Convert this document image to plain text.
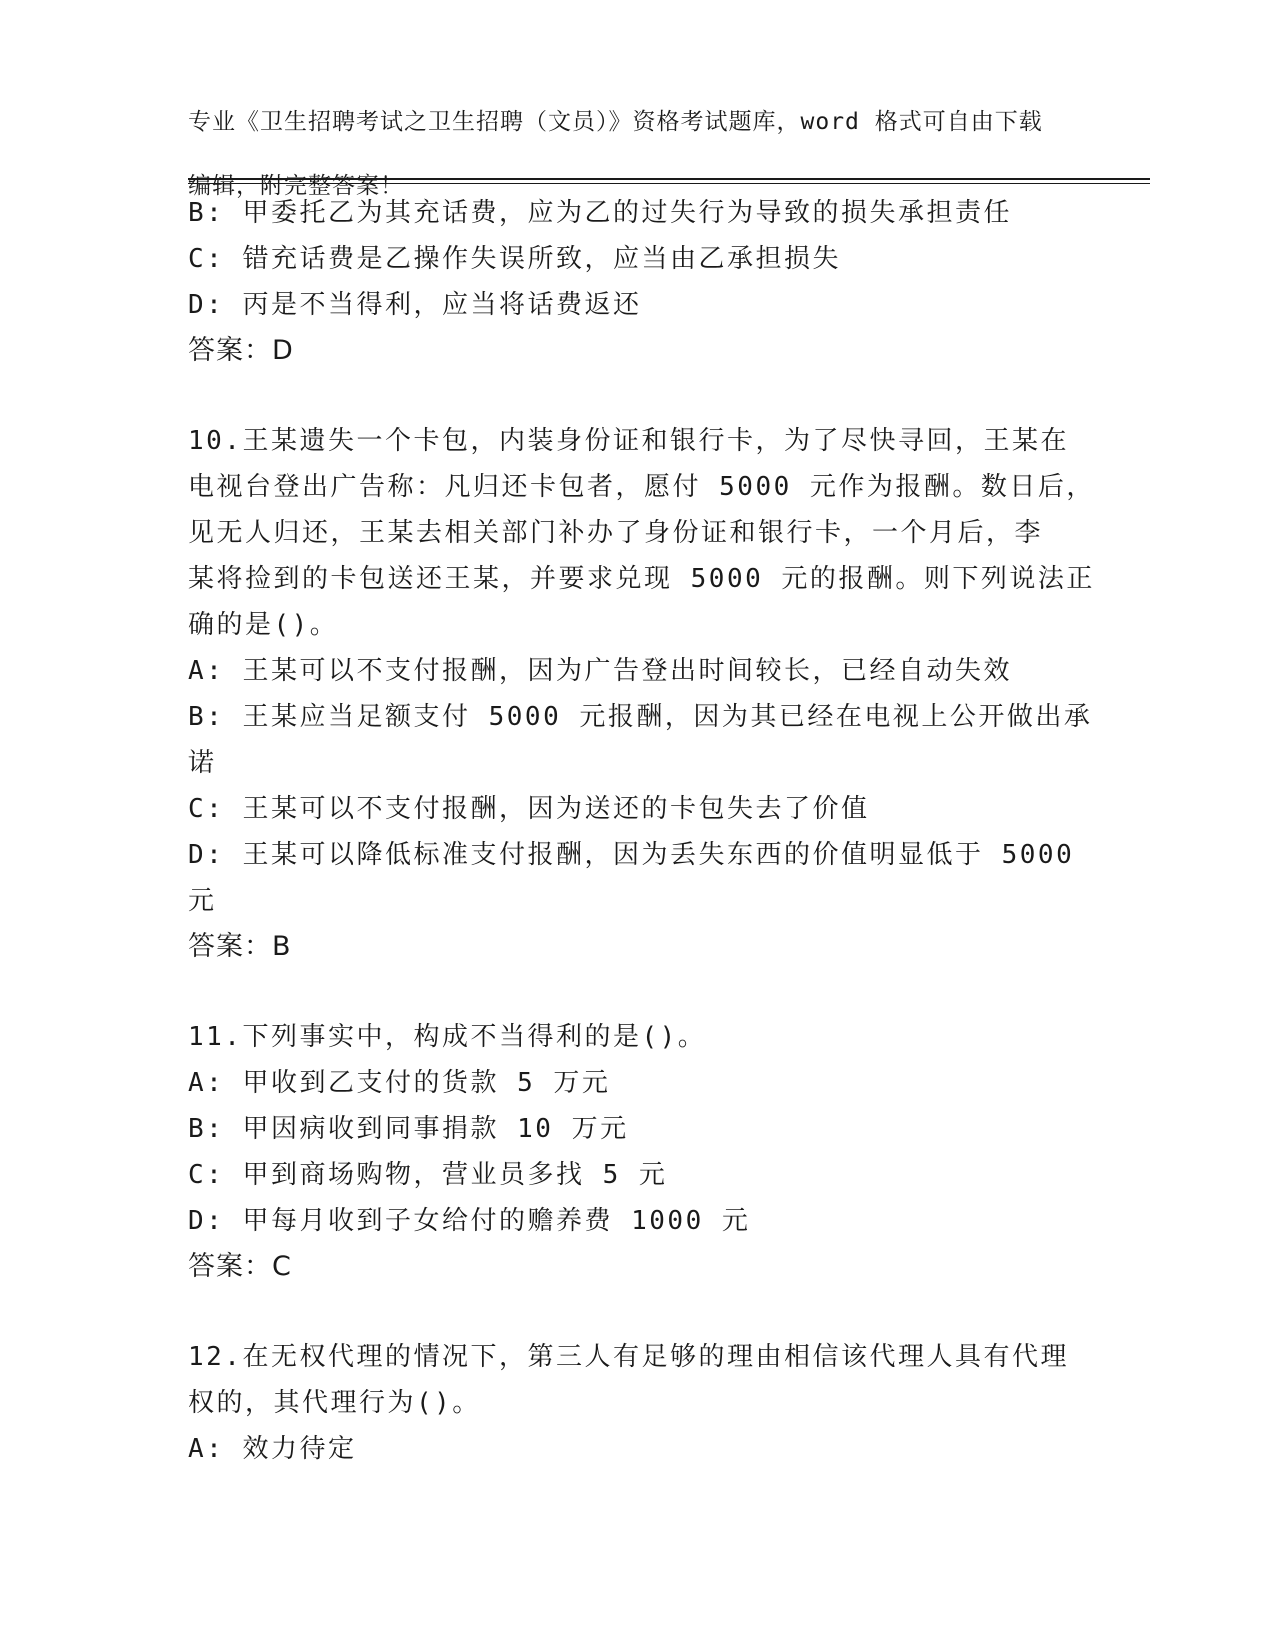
专业《卫生招聘考试之卫生招聘（文员）》资格考试题库，word 格式可自由下载

编辑，附完整答案！

B: 甲委托乙为其充话费，应为乙的过失行为导致的损失承担责任
C: 错充话费是乙操作失误所致，应当由乙承担损失
D: 丙是不当得利，应当将话费返还
答案：D
10.王某遗失一个卡包，内装身份证和银行卡，为了尽快寻回，王某在
电视台登出广告称：凡归还卡包者，愿付 5000 元作为报酬。数日后，
见无人归还，王某去相关部门补办了身份证和银行卡，一个月后，李
某将捡到的卡包送还王某，并要求兑现 5000 元的报酬。则下列说法正
确的是()。
A: 王某可以不支付报酬，因为广告登出时间较长，已经自动失效
B: 王某应当足额支付 5000 元报酬，因为其已经在电视上公开做出承
诺
C: 王某可以不支付报酬，因为送还的卡包失去了价值
D: 王某可以降低标准支付报酬，因为丢失东西的价值明显低于 5000
元
答案：B
11.下列事实中，构成不当得利的是()。
A: 甲收到乙支付的货款 5 万元
B: 甲因病收到同事捐款 10 万元
C: 甲到商场购物，营业员多找 5 元
D: 甲每月收到子女给付的赡养费 1000 元
答案：C
12.在无权代理的情况下，第三人有足够的理由相信该代理人具有代理
权的，其代理行为()。
A: 效力待定
